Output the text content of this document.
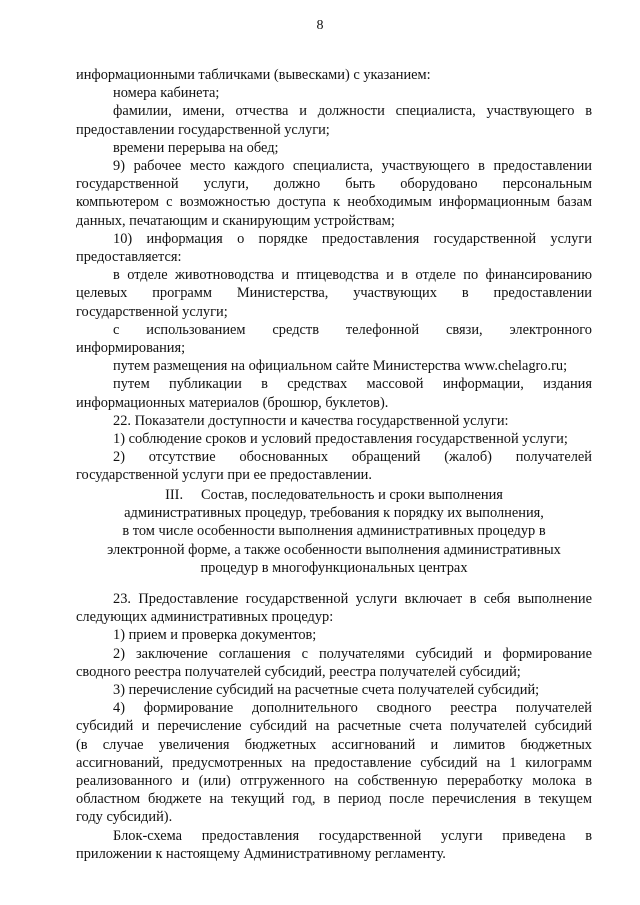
8

информационными табличками (вывесками) с указанием:

номера кабинета;

фамилии, имени, отчества и должности специалиста, участвующего в

предоставлении государственной услуги;

времени перерыва на обед;

9) рабочее место каждого специалиста, участвующего в предоставлении

государственной услуги, должно быть оборудовано персональным

компьютером с возможностью доступа к необходимым информационным базам

данных, печатающим и сканирующим устройствам;

10) информация о порядке предоставления государственной услуги

предоставляется:

в отделе животноводства и птицеводства и в отделе по финансированию

целевых программ Министерства, участвующих в предоставлении

государственной услуги;

с использованием средств телефонной связи, электронного

информирования;

путем размещения на официальном сайте Министерства www.chelagro.ru;

путем публикации в средствах массовой информации, издания

информационных материалов (брошюр, буклетов).

22. Показатели доступности и качества государственной услуги:

1) соблюдение сроков и условий предоставления государственной услуги;

2) отсутствие обоснованных обращений (жалоб) получателей

государственной услуги при ее предоставлении.

III.     Состав, последовательность и сроки выполнения

административных процедур, требования к порядку их выполнения,

в том числе особенности выполнения административных процедур в

электронной форме, а также особенности выполнения административных

процедур в многофункциональных центрах

23. Предоставление государственной услуги включает в себя выполнение

следующих административных процедур:

1) прием и проверка документов;

2) заключение соглашения с получателями субсидий и формирование

сводного реестра получателей субсидий, реестра получателей субсидий;

3) перечисление субсидий на расчетные счета получателей субсидий;

4) формирование дополнительного сводного реестра получателей

субсидий и перечисление субсидий на расчетные счета получателей субсидий

(в случае увеличения бюджетных ассигнований и лимитов бюджетных

ассигнований, предусмотренных на предоставление субсидий на 1 килограмм

реализованного и (или) отгруженного на собственную переработку молока в

областном бюджете на текущий год, в период после перечисления в текущем

году субсидий).

Блок-схема предоставления государственной услуги приведена в

приложении к настоящему Административному регламенту.
